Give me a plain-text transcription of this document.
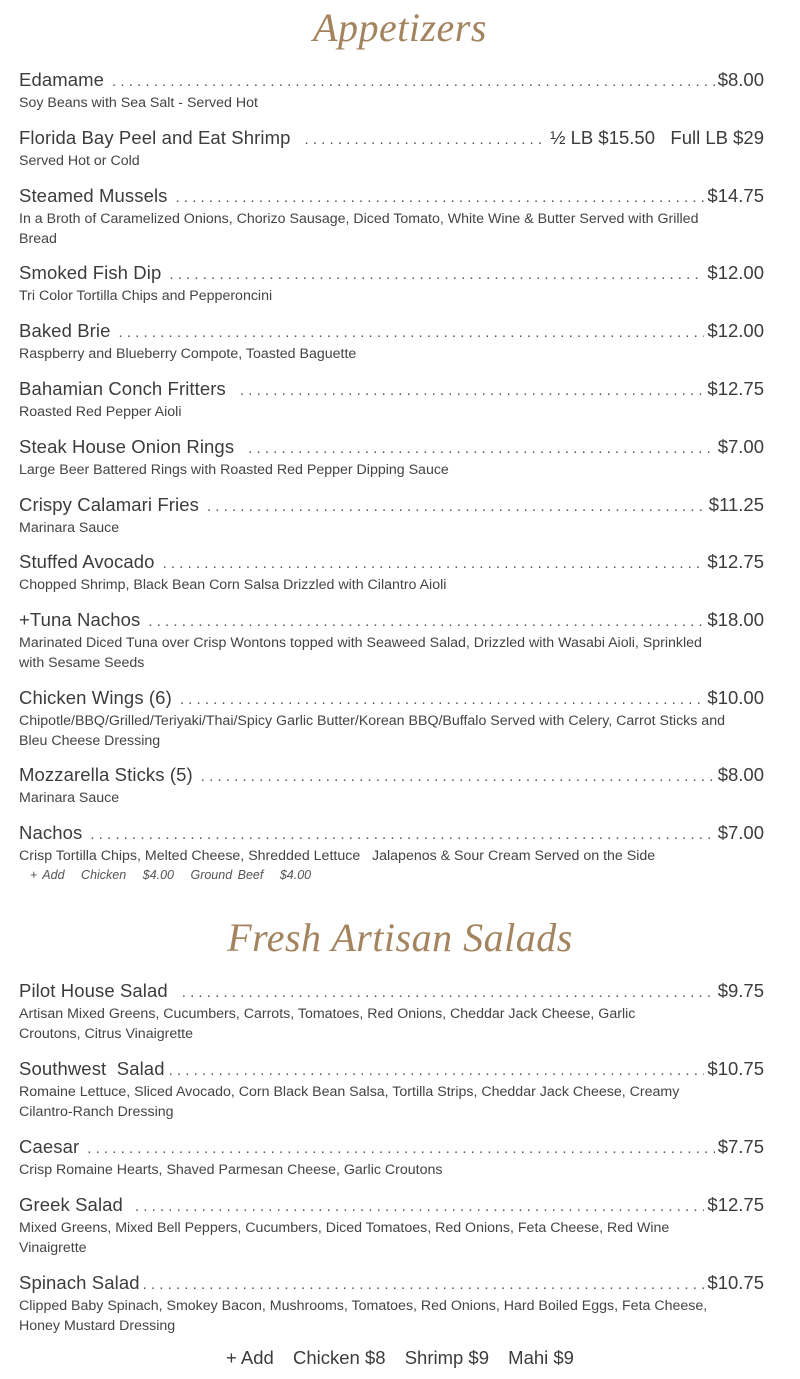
Appetizers
Edamame . . .	$8.00
Soy Beans with Sea Salt - Served Hot
Florida Bay Peel and Eat Shrimp . . .	½ LB $15.50   Full LB $29
Served Hot or Cold
Steamed Mussels . . .	$14.75
In a Broth of Caramelized Onions, Chorizo Sausage, Diced Tomato, White Wine & Butter Served with Grilled Bread
Smoked Fish Dip . . .	$12.00
Tri Color Tortilla Chips and Pepperoncini
Baked Brie . . .	$12.00
Raspberry and Blueberry Compote, Toasted Baguette
Bahamian Conch Fritters . . .	$12.75
Roasted Red Pepper Aioli
Steak House Onion Rings . . .	$7.00
Large Beer Battered Rings with Roasted Red Pepper Dipping Sauce
Crispy Calamari Fries . . .	$11.25
Marinara Sauce
Stuffed Avocado . . .	$12.75
Chopped Shrimp, Black Bean Corn Salsa Drizzled with Cilantro Aioli
+Tuna Nachos . . .	$18.00
Marinated Diced Tuna over Crisp Wontons topped with Seaweed Salad, Drizzled with Wasabi Aioli, Sprinkled with Sesame Seeds
Chicken Wings (6) . . .	$10.00
Chipotle/BBQ/Grilled/Teriyaki/Thai/Spicy Garlic Butter/Korean BBQ/Buffalo Served with Celery, Carrot Sticks and Bleu Cheese Dressing
Mozzarella Sticks (5) . . .	$8.00
Marinara Sauce
Nachos . . .	$7.00
Crisp Tortilla Chips, Melted Cheese, Shredded Lettuce   Jalapenos & Sour Cream Served on the Side
+ Add Chicken $4.00 Ground Beef $4.00
Fresh Artisan Salads
Pilot House Salad . . .	$9.75
Artisan Mixed Greens, Cucumbers, Carrots, Tomatoes, Red Onions, Cheddar Jack Cheese, Garlic Croutons, Citrus Vinaigrette
Southwest  Salad . . .	$10.75
Romaine Lettuce, Sliced Avocado, Corn Black Bean Salsa, Tortilla Strips, Cheddar Jack Cheese, Creamy Cilantro-Ranch Dressing
Caesar . . .	$7.75
Crisp Romaine Hearts, Shaved Parmesan Cheese, Garlic Croutons
Greek Salad . . .	$12.75
Mixed Greens, Mixed Bell Peppers, Cucumbers, Diced Tomatoes, Red Onions, Feta Cheese, Red Wine Vinaigrette
Spinach Salad . . .	$10.75
Clipped Baby Spinach, Smokey Bacon, Mushrooms, Tomatoes, Red Onions, Hard Boiled Eggs, Feta Cheese, Honey Mustard Dressing
+ Add Chicken $8 Shrimp $9 Mahi $9
